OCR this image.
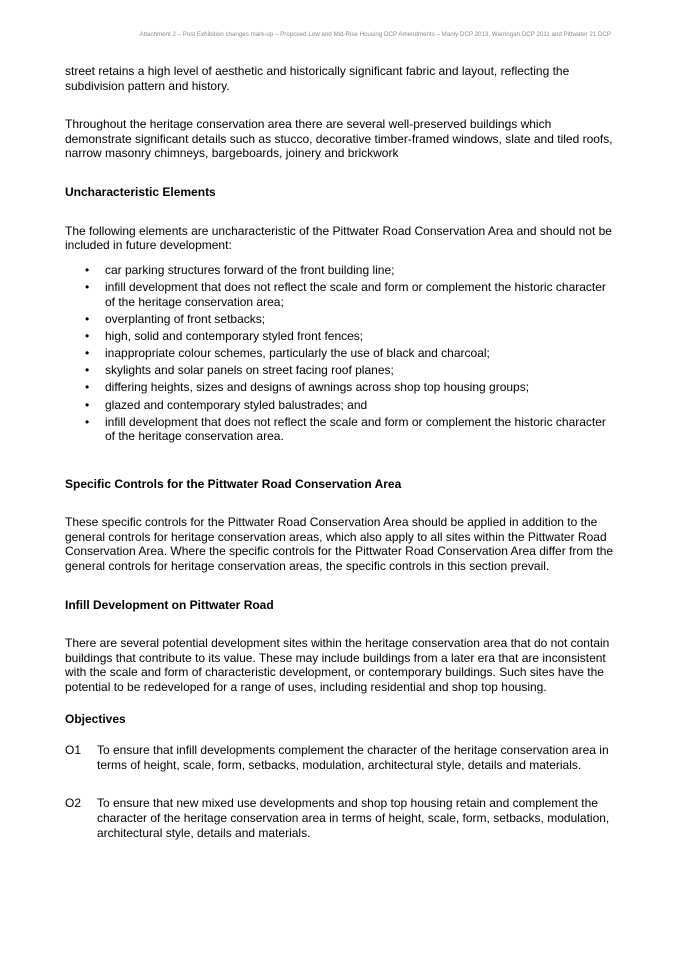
Attachment 2 – Post Exhibition changes mark-up – Proposed Low and Mid-Rise Housing DCP Amendments – Manly DCP 2013, Warringah DCP 2011 and Pittwater 21 DCP

street retains a high level of aesthetic and historically significant fabric and layout, reflecting the subdivision pattern and history.

Throughout the heritage conservation area there are several well-preserved buildings which demonstrate significant details such as stucco, decorative timber-framed windows, slate and tiled roofs, narrow masonry chimneys, bargeboards, joinery and brickwork

Uncharacteristic Elements

The following elements are uncharacteristic of the Pittwater Road Conservation Area and should not be included in future development:

• car parking structures forward of the front building line;
• infill development that does not reflect the scale and form or complement the historic character of the heritage conservation area;
• overplanting of front setbacks;
• high, solid and contemporary styled front fences;
• inappropriate colour schemes, particularly the use of black and charcoal;
• skylights and solar panels on street facing roof planes;
• differing heights, sizes and designs of awnings across shop top housing groups;
• glazed and contemporary styled balustrades; and
• infill development that does not reflect the scale and form or complement the historic character of the heritage conservation area.
Specific Controls for the Pittwater Road Conservation Area

These specific controls for the Pittwater Road Conservation Area should be applied in addition to the general controls for heritage conservation areas, which also apply to all sites within the Pittwater Road Conservation Area. Where the specific controls for the Pittwater Road Conservation Area differ from the general controls for heritage conservation areas, the specific controls in this section prevail.

Infill Development on Pittwater Road

There are several potential development sites within the heritage conservation area that do not contain buildings that contribute to its value. These may include buildings from a later era that are inconsistent with the scale and form of characteristic development, or contemporary buildings. Such sites have the potential to be redeveloped for a range of uses, including residential and shop top housing.

Objectives
O1 To ensure that infill developments complement the character of the heritage conservation area in terms of height, scale, form, setbacks, modulation, architectural style, details and materials.
O2 To ensure that new mixed use developments and shop top housing retain and complement the character of the heritage conservation area in terms of height, scale, form, setbacks, modulation, architectural style, details and materials.
